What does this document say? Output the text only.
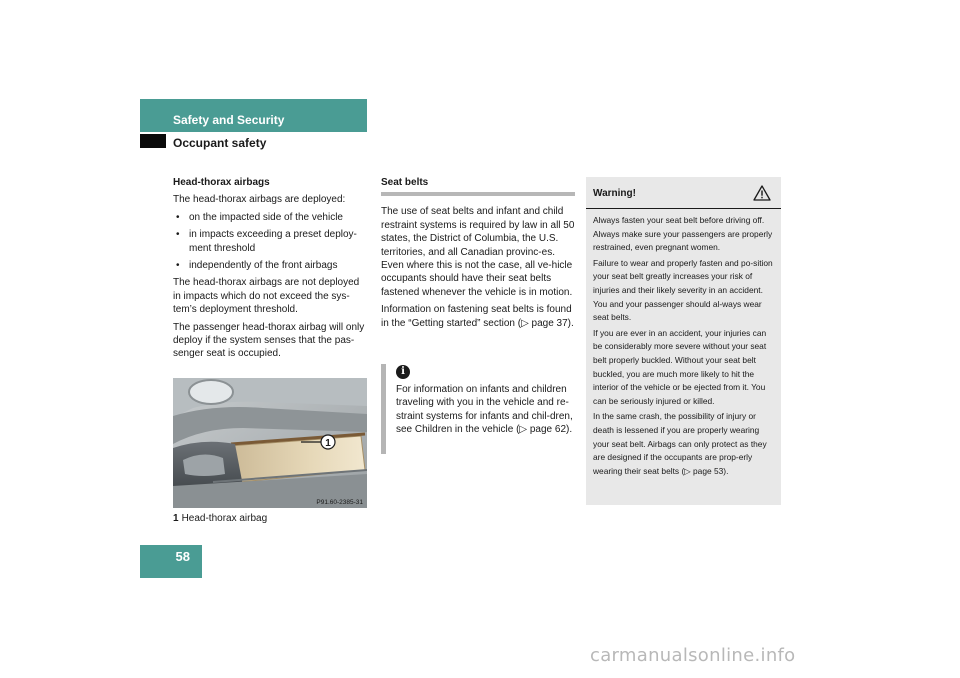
Safety and Security
Occupant safety

Head-thorax airbags

The head-thorax airbags are deployed:

• on the impacted side of the vehicle
• in impacts exceeding a preset deploy-ment threshold
• independently of the front airbags

The head-thorax airbags are not deployed in impacts which do not exceed the sys-tem’s deployment threshold.

The passenger head-thorax airbag will only deploy if the system senses that the pas-senger seat is occupied.

1
P91.60-2385-31
1 Head-thorax airbag
Seat belts

The use of seat belts and infant and child restraint systems is required by law in all 50 states, the District of Columbia, the U.S. territories, and all Canadian provinc-es. Even where this is not the case, all ve-hicle occupants should have their seat belts fastened whenever the vehicle is in motion.

Information on fastening seat belts is found in the “Getting started” section (▷ page 37).

i
For information on infants and children traveling with you in the vehicle and re-straint systems for infants and chil-dren, see Children in the vehicle (▷ page 62).
Warning!

Always fasten your seat belt before driving off. Always make sure your passengers are properly restrained, even pregnant women.

Failure to wear and properly fasten and po-sition your seat belt greatly increases your risk of injuries and their likely severity in an accident. You and your passenger should al-ways wear seat belts.

If you are ever in an accident, your injuries can be considerably more severe without your seat belt properly buckled. Without your seat belt buckled, you are much more likely to hit the interior of the vehicle or be ejected from it. You can be seriously injured or killed.

In the same crash, the possibility of injury or death is lessened if you are properly wearing your seat belt. Airbags can only protect as they are designed if the occupants are prop-erly wearing their seat belts (▷ page 53).

58
carmanualsonline.info
